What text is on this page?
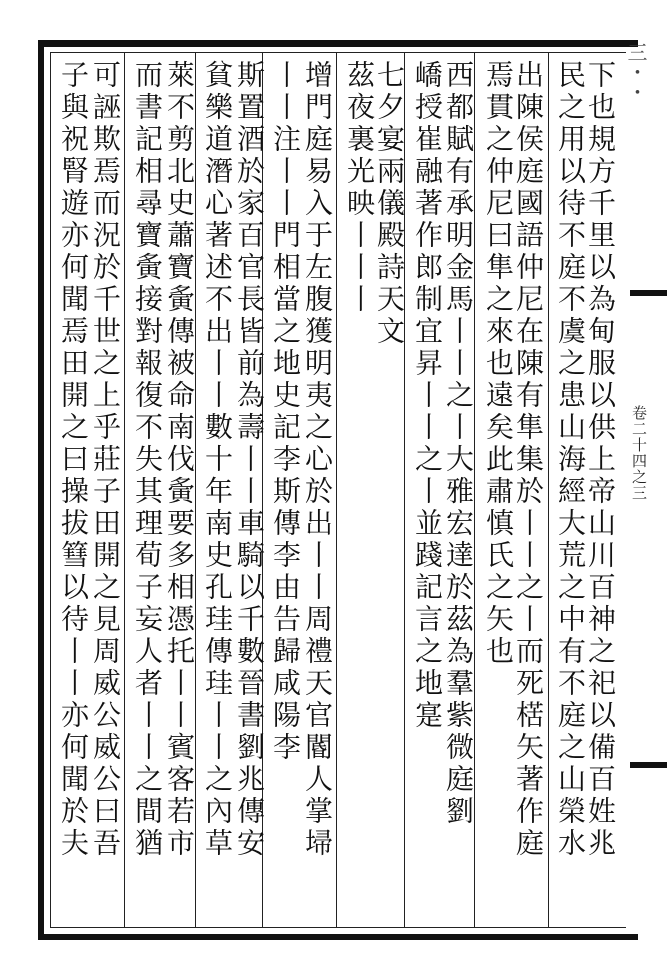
三・・
卷二十四之三
下也規方千里以為甸服以供上帝山川百神之祀以備百姓兆
民之用以待不庭不虞之患山海經大荒之中有不庭之山榮水
出陳侯庭國語仲尼在陳有隼集於丨丨之丨而死楛矢著作庭
焉貫之仲尼曰隼之來也遠矣此肅慎氏之矢也
西都賦有承明金馬丨丨之丨大雅宏達於茲為羣紫微庭劉
嶠授崔融著作郎制宜昇丨丨之丨並踐記言之地寔
七夕宴兩儀殿詩天文
茲夜裏光映丨丨丨
增門庭易入于左腹獲明夷之心於出丨丨周禮天官閽人掌埽
丨丨注丨丨門相當之地史記李斯傳李由告歸咸陽李
斯置酒於家百官長皆前為壽丨丨車騎以千數晉書劉兆傳安
貧樂道潛心著述不出丨丨數十年南史孔珪傳珪丨丨之內草
萊不剪北史蕭寶夤傳被命南伐夤要多相憑托丨丨賓客若市
而書記相尋寶夤接對報復不失其理荀子妄人者丨丨之間猶
可誣欺焉而況於千世之上乎莊子田開之見周威公威公曰吾
子與祝腎遊亦何聞焉田開之曰操拔篲以待丨丨亦何聞於夫
